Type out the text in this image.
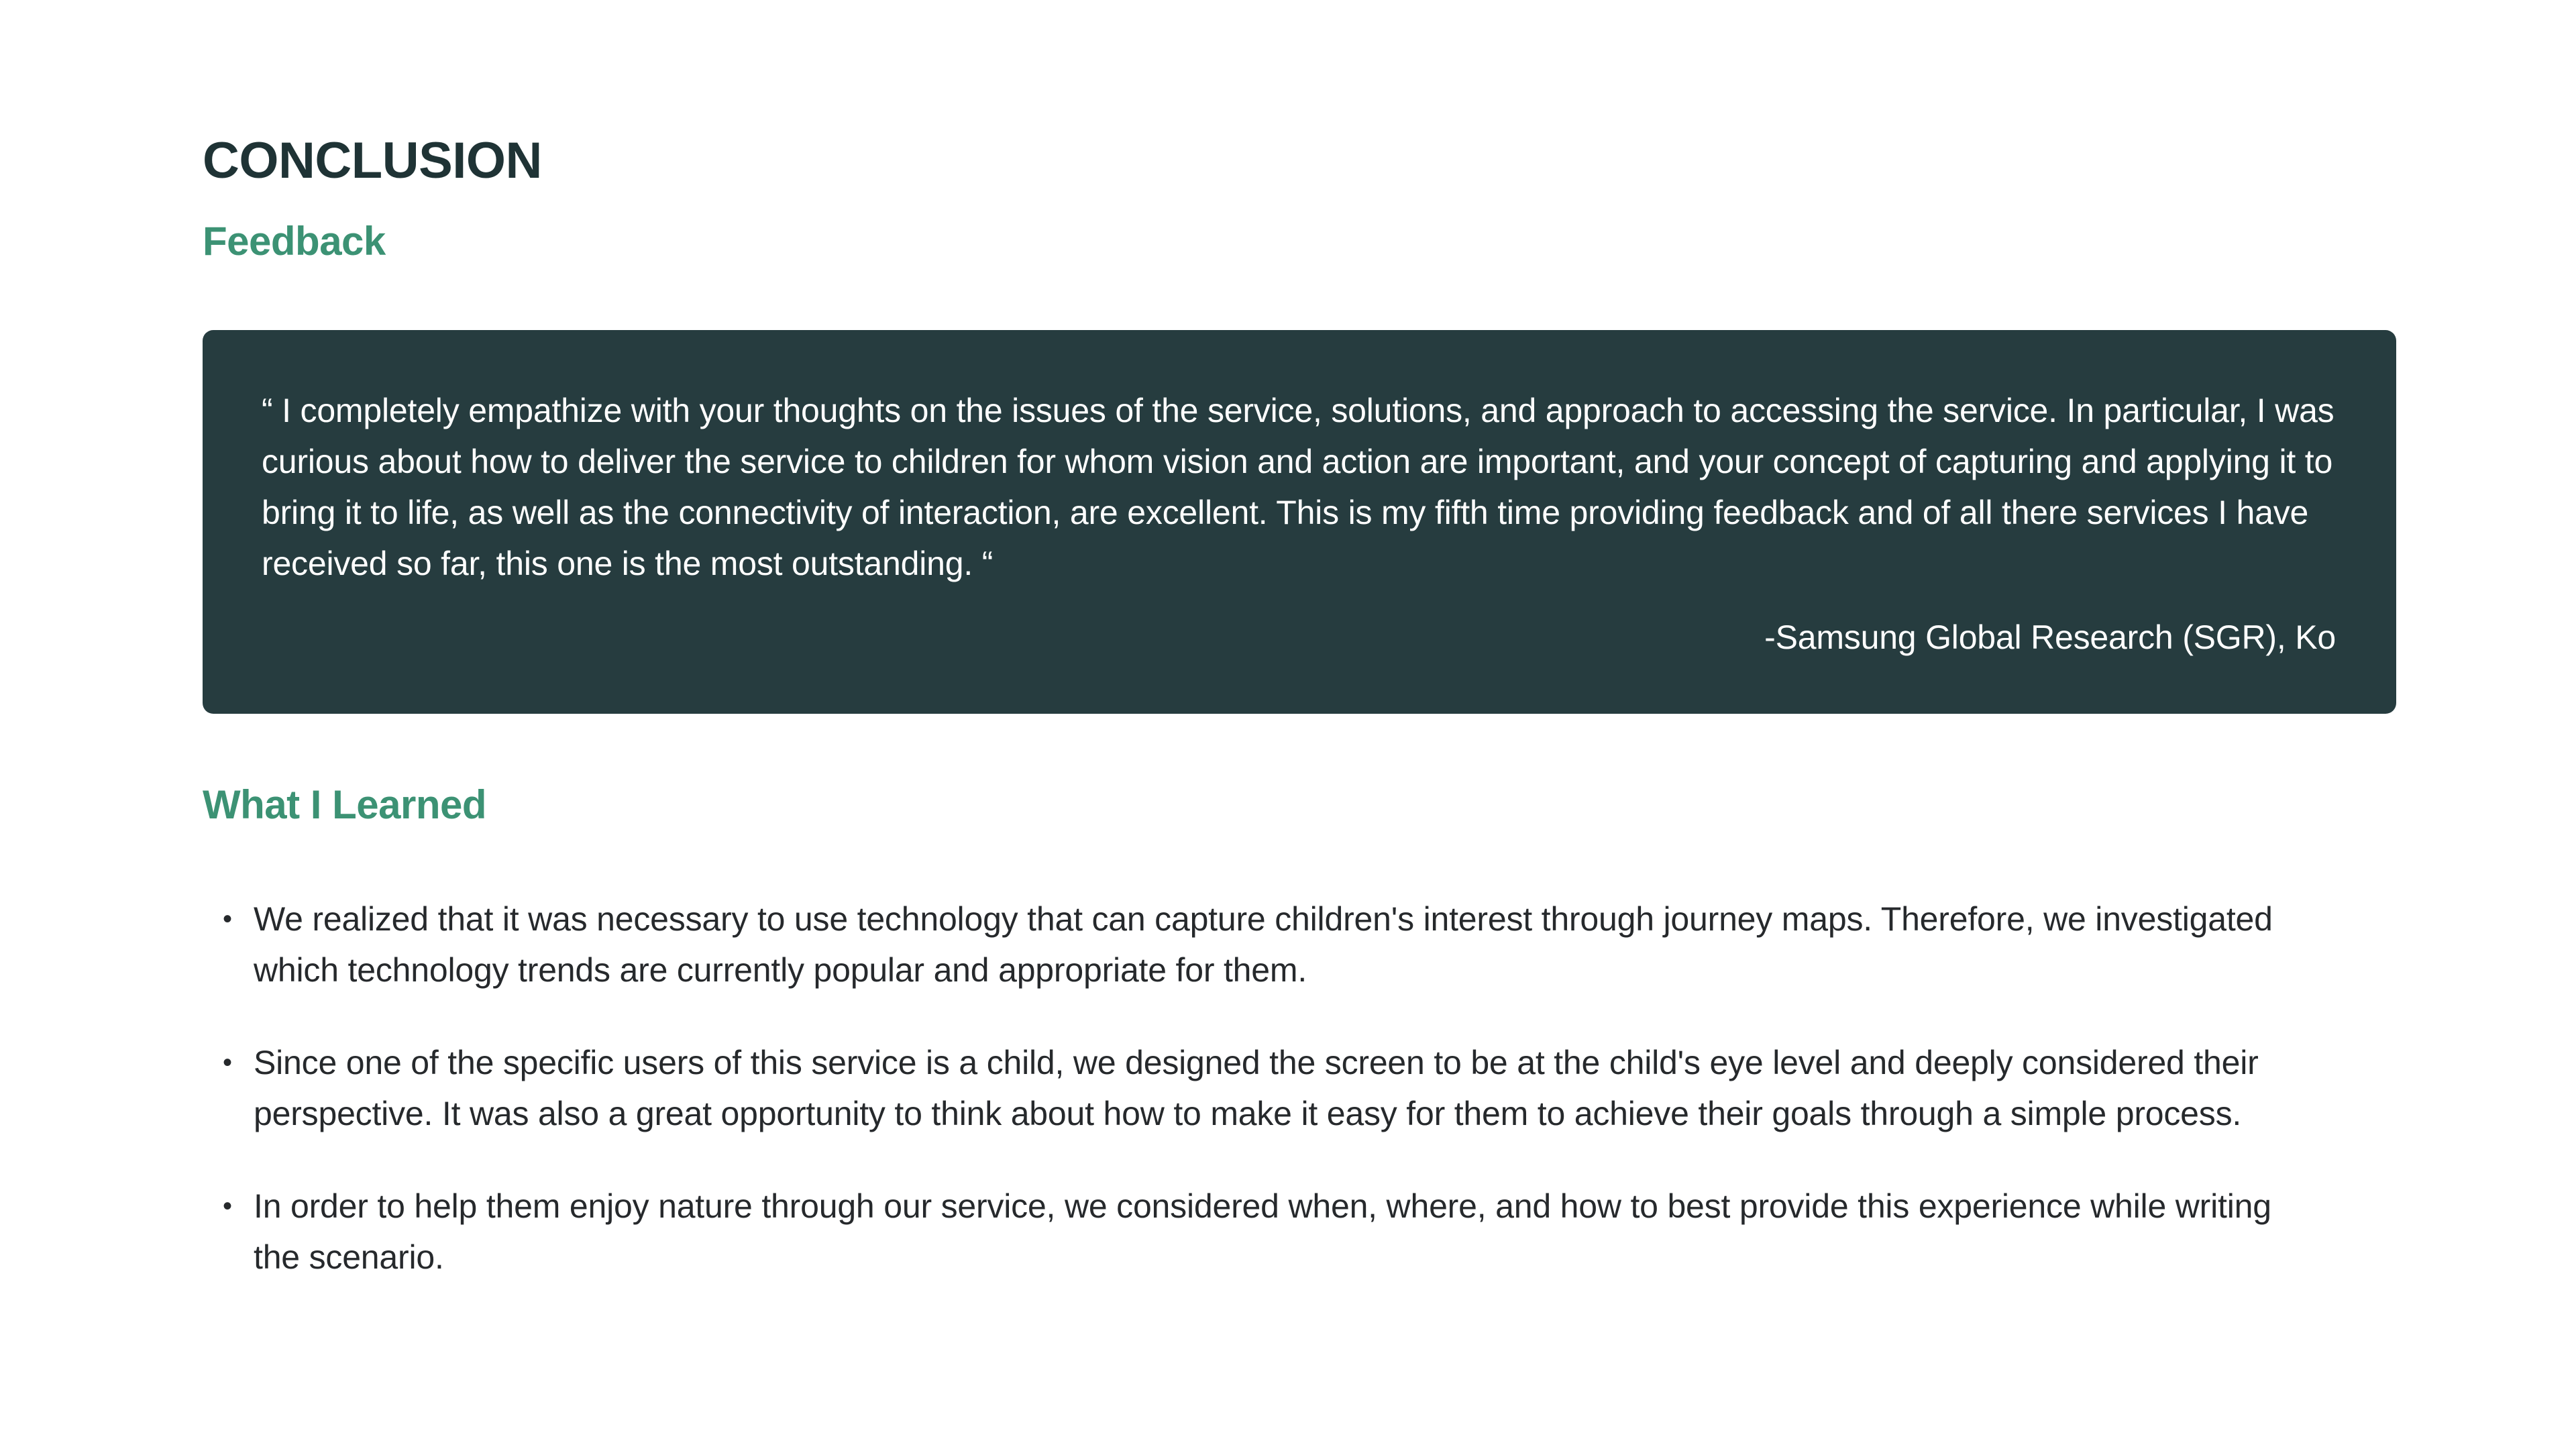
CONCLUSION
Feedback

“ I completely empathize with your thoughts on the issues of the service, solutions, and approach to accessing the service. In particular, I was curious about how to deliver the service to children for whom vision and action are important, and your concept of capturing and applying it to bring it to life, as well as the connectivity of interaction, are excellent. This is my fifth time providing feedback and of all there services I have received so far, this one is the most outstanding. “

-Samsung Global Research (SGR), Ko

What I Learned
• We realized that it was necessary to use technology that can capture children's interest through journey maps. Therefore, we investigated which technology trends are currently popular and appropriate for them.
• Since one of the specific users of this service is a child, we designed the screen to be at the child's eye level and deeply considered their perspective. It was also a great opportunity to think about how to make it easy for them to achieve their goals through a simple process.
• In order to help them enjoy nature through our service, we considered when, where, and how to best provide this experience while writing the scenario.
